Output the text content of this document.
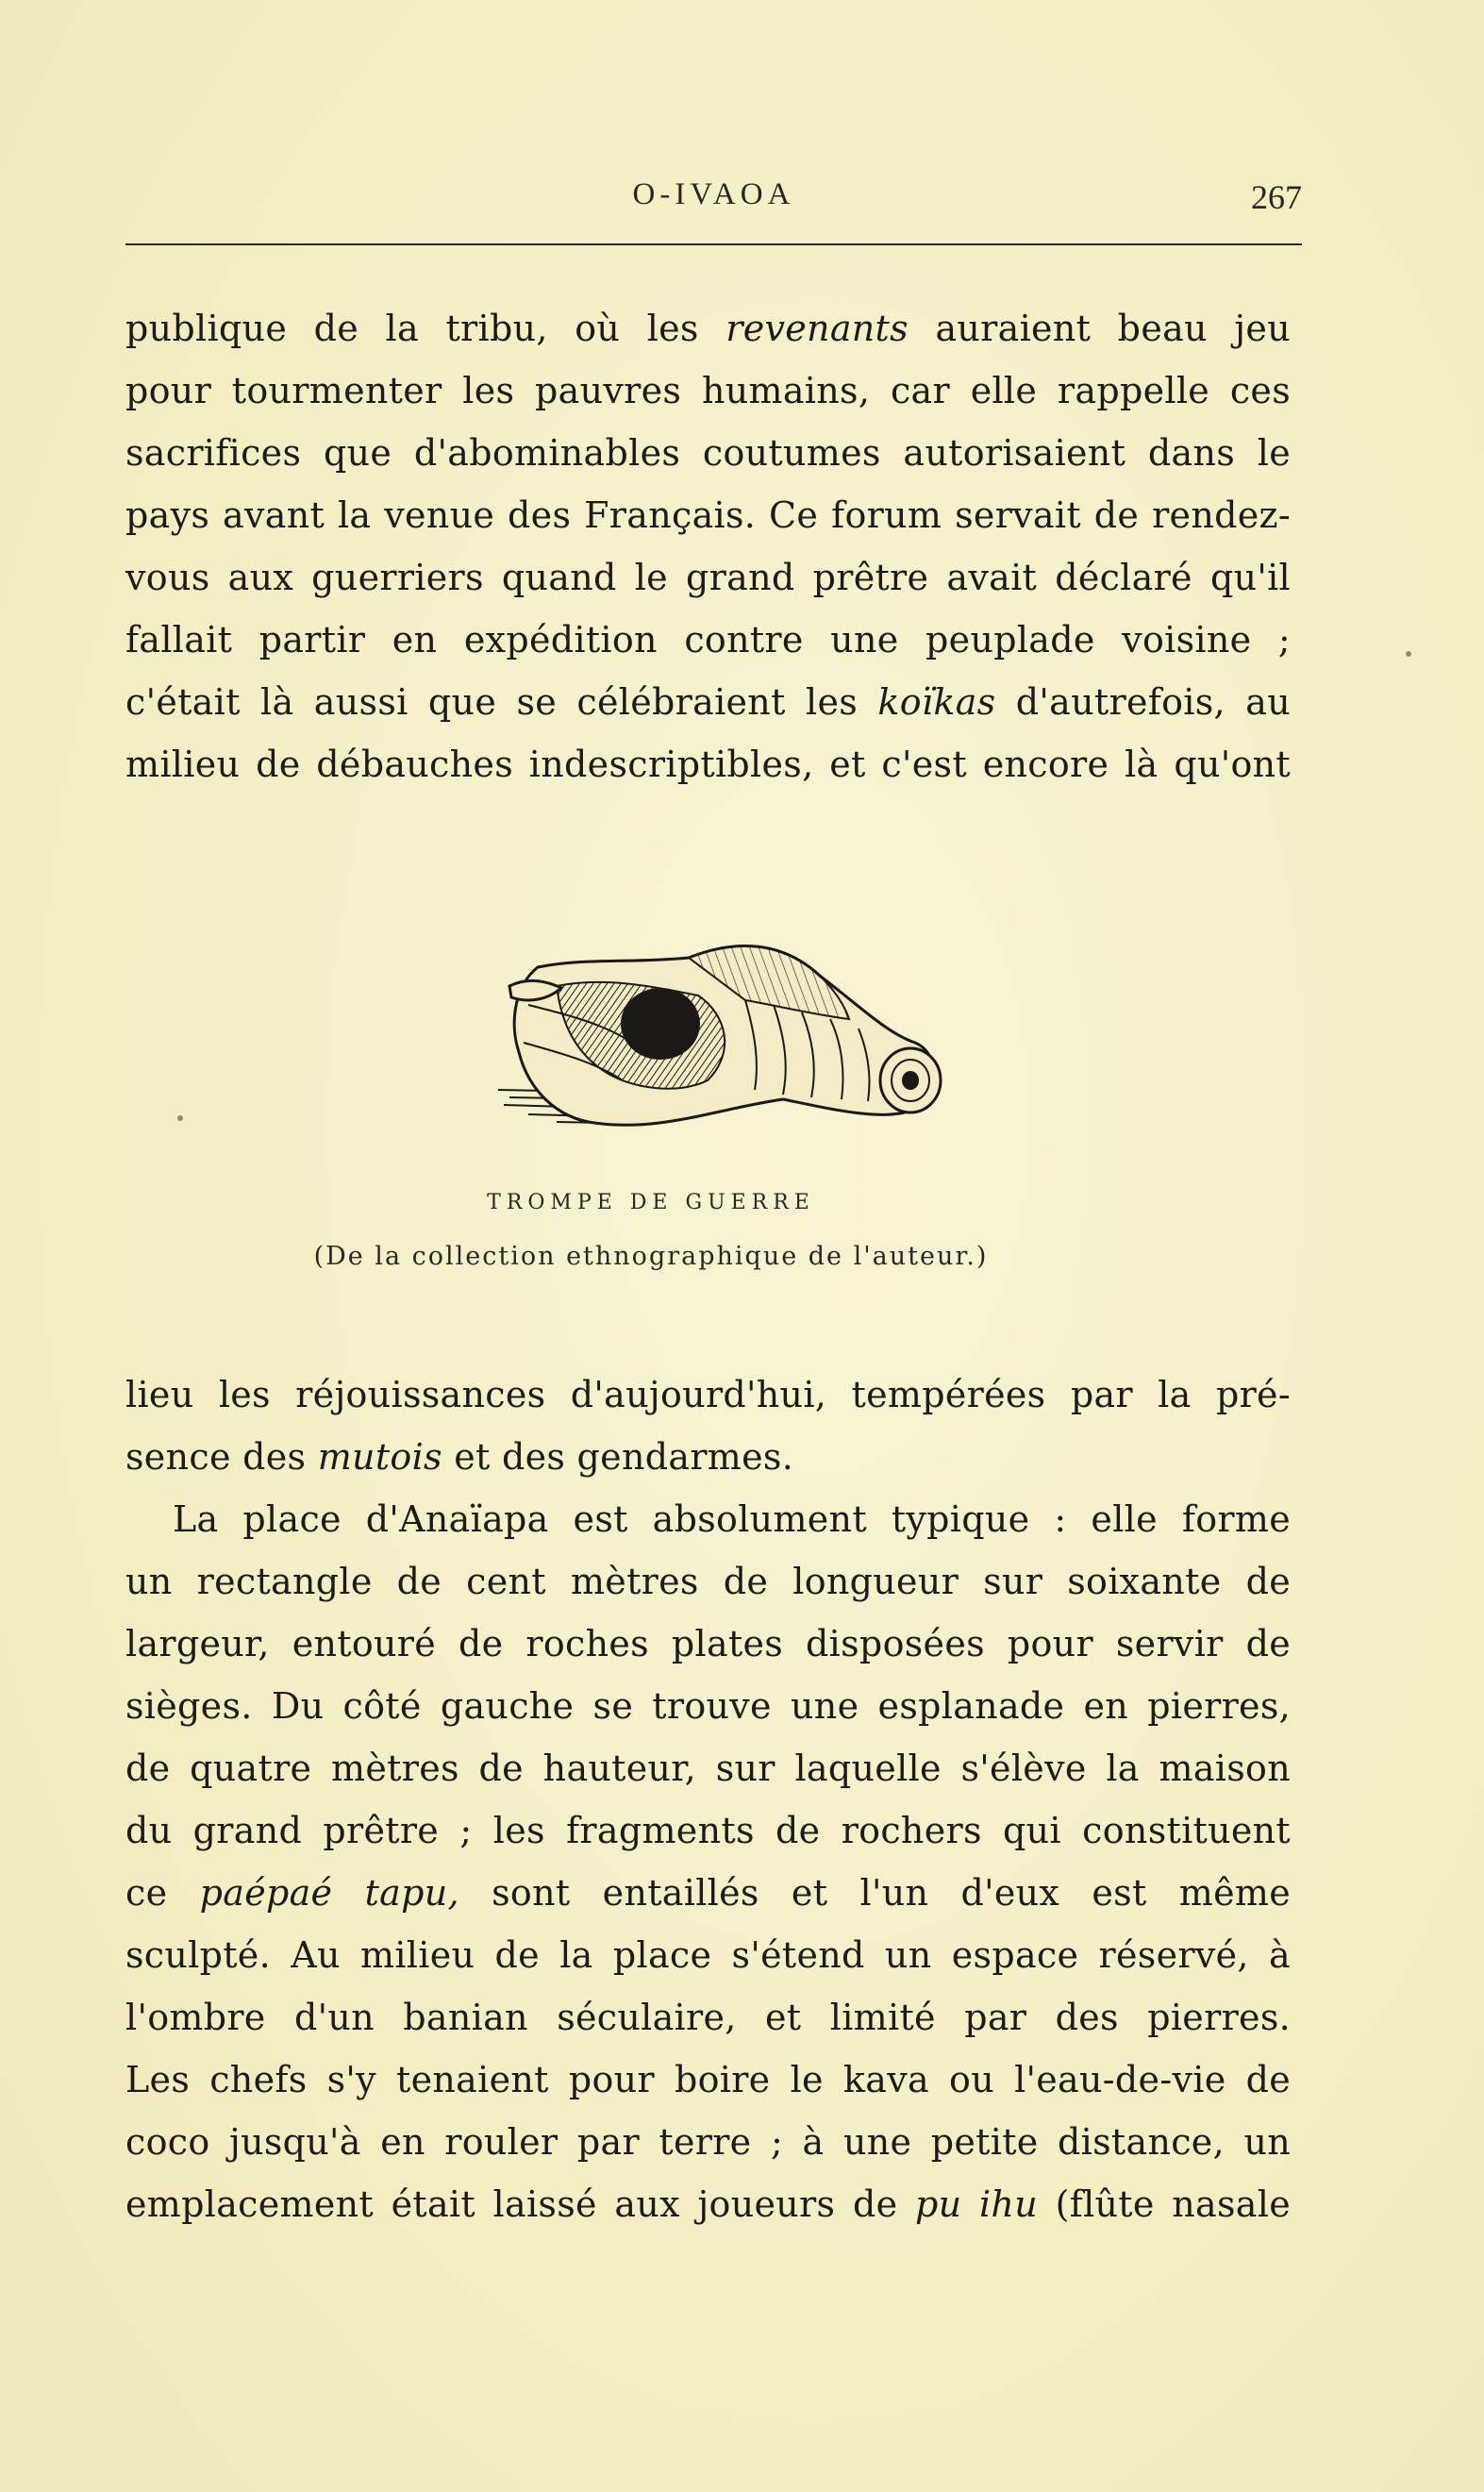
O-IVAOA	267
publique de la tribu, où les revenants auraient beau jeu
pour tourmenter les pauvres humains, car elle rappelle ces
sacrifices que d'abominables coutumes autorisaient dans le
pays avant la venue des Français. Ce forum servait de rendez-
vous aux guerriers quand le grand prêtre avait déclaré qu'il
fallait partir en expédition contre une peuplade voisine ;
c'était là aussi que se célébraient les koïkas d'autrefois, au
milieu de débauches indescriptibles, et c'est encore là qu'ont
TROMPE DE GUERRE
(De la collection ethnographique de l'auteur.)
lieu les réjouissances d'aujourd'hui, tempérées par la pré-
sence des mutois et des gendarmes.
La place d'Anaïapa est absolument typique : elle forme
un rectangle de cent mètres de longueur sur soixante de
largeur, entouré de roches plates disposées pour servir de
sièges. Du côté gauche se trouve une esplanade en pierres,
de quatre mètres de hauteur, sur laquelle s'élève la maison
du grand prêtre ; les fragments de rochers qui constituent
ce paépaé tapu, sont entaillés et l'un d'eux est même
sculpté. Au milieu de la place s'étend un espace réservé, à
l'ombre d'un banian séculaire, et limité par des pierres.
Les chefs s'y tenaient pour boire le kava ou l'eau-de-vie de
coco jusqu'à en rouler par terre ; à une petite distance, un
emplacement était laissé aux joueurs de pu ihu (flûte nasale
